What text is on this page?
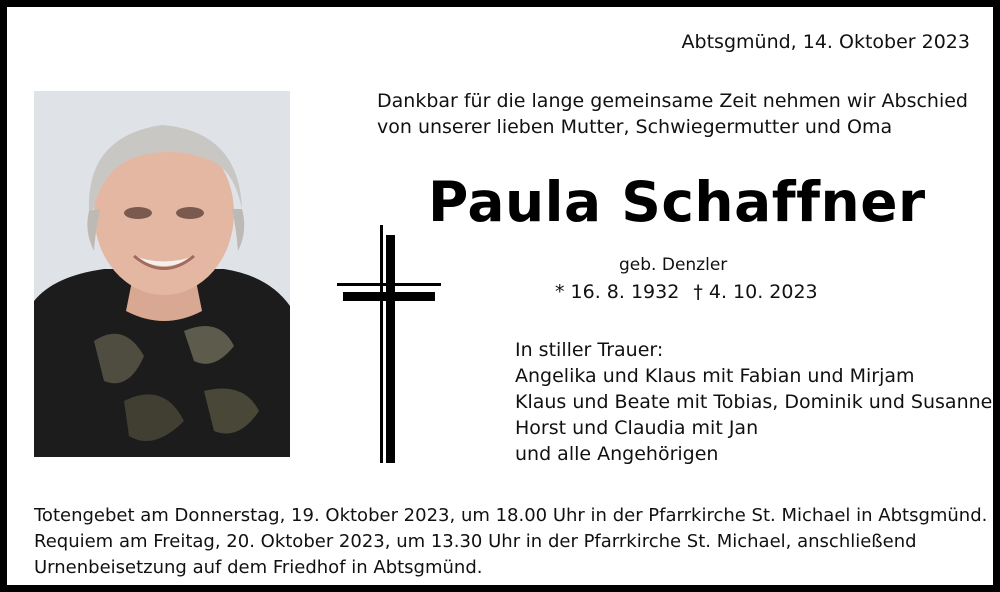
Abtsgmünd, 14. Oktober 2023
Dankbar für die lange gemeinsame Zeit nehmen wir Abschied
von unserer lieben Mutter, Schwiegermutter und Oma
Paula Schaffner
geb. Denzler
* 16. 8. 1932 † 4. 10. 2023
In stiller Trauer:
Angelika und Klaus mit Fabian und Mirjam
Klaus und Beate mit Tobias, Dominik und Susanne
Horst und Claudia mit Jan
und alle Angehörigen
Totengebet am Donnerstag, 19. Oktober 2023, um 18.00 Uhr in der Pfarrkirche St. Michael in Abtsgmünd.
Requiem am Freitag, 20. Oktober 2023, um 13.30 Uhr in der Pfarrkirche St. Michael, anschließend
Urnenbeisetzung auf dem Friedhof in Abtsgmünd.
